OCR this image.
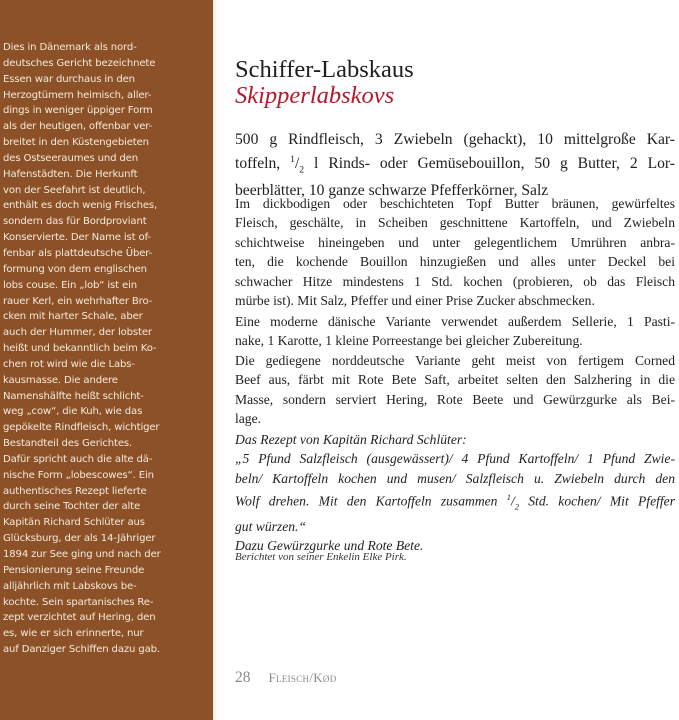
Dies in Dänemark als nord-
deutsches Gericht bezeichnete
Essen war durchaus in den
Herzogtümern heimisch, aller-
dings in weniger üppiger Form
als der heutigen, offenbar ver-
breitet in den Küstengebieten
des Ostseeraumes und den
Hafenstädten. Die Herkunft
von der Seefahrt ist deutlich,
enthält es doch wenig Frisches,
sondern das für Bordproviant
Konservierte. Der Name ist of-
fenbar als plattdeutsche Über-
formung von dem englischen
lobs couse. Ein „lob“ ist ein
rauer Kerl, ein wehrhafter Bro-
cken mit harter Schale, aber
auch der Hummer, der lobster
heißt und bekanntlich beim Ko-
chen rot wird wie die Labs-
kausmasse. Die andere
Namenshälfte heißt schlicht-
weg „cow“, die Kuh, wie das
gepökelte Rindfleisch, wichtiger
Bestandteil des Gerichtes.
Dafür spricht auch die alte dä-
nische Form „lobescowes“. Ein
authentisches Rezept lieferte
durch seine Tochter der alte
Kapitän Richard Schlüter aus
Glücksburg, der als 14-Jähriger
1894 zur See ging und nach der
Pensionierung seine Freunde
alljährlich mit Labskovs be-
kochte. Sein spartanisches Re-
zept verzichtet auf Hering, den
es, wie er sich erinnerte, nur
auf Danziger Schiffen dazu gab.
Schiffer-Labskaus
Skipperlabskovs
500 g Rindfleisch, 3 Zwiebeln (gehackt), 10 mittelgroße Kar-
toffeln, $^1/_2$ l Rinds- oder Gemüsebouillon, 50 g Butter, 2 Lor-
beerblätter, 10 ganze schwarze Pfefferkörner, Salz
Im dickbodigen oder beschichteten Topf Butter bräunen, gewürfeltes
Fleisch, geschälte, in Scheiben geschnittene Kartoffeln, und Zwiebeln
schichtweise hineingeben und unter gelegentlichem Umrühren anbra-
ten, die kochende Bouillon hinzugießen und alles unter Deckel bei
schwacher Hitze mindestens 1 Std. kochen (probieren, ob das Fleisch
mürbe ist). Mit Salz, Pfeffer und einer Prise Zucker abschmecken.
Eine moderne dänische Variante verwendet außerdem Sellerie, 1 Pasti-
nake, 1 Karotte, 1 kleine Porreestange bei gleicher Zubereitung.
Die gediegene norddeutsche Variante geht meist von fertigem Corned
Beef aus, färbt mit Rote Bete Saft, arbeitet selten den Salzhering in die
Masse, sondern serviert Hering, Rote Beete und Gewürzgurke als Bei-
lage.
Das Rezept von Kapitän Richard Schlüter:
„5 Pfund Salzfleisch (ausgewässert)/ 4 Pfund Kartoffeln/ 1 Pfund Zwie-
beln/ Kartoffeln kochen und musen/ Salzfleisch u. Zwiebeln durch den
Wolf drehen. Mit den Kartoffeln zusammen $^1/_2$ Std. kochen/ Mit Pfeffer
gut würzen.“
Dazu Gewürzgurke und Rote Bete.
Berichtet von seiner Enkelin Elke Pirk.
28 Fleisch/Kød
